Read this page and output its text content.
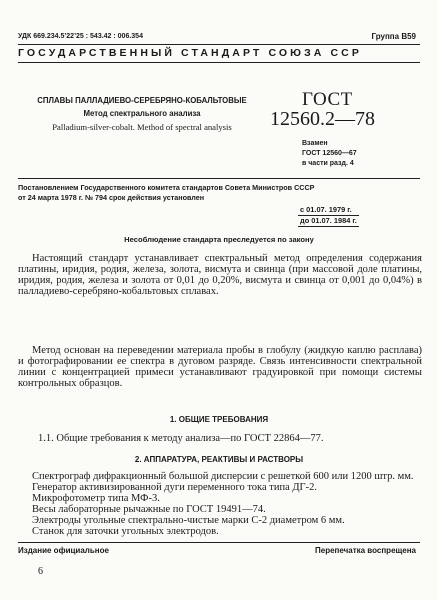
УДК 669.234.5’22’25 : 543.42 : 006.354	Группа В59
ГОСУДАРСТВЕННЫЙ СТАНДАРТ СОЮЗА ССР
СПЛАВЫ ПАЛЛАДИЕВО-СЕРЕБРЯНО-КОБАЛЬТОВЫЕ
Метод спектрального анализа
Palladium-silver-cobalt. Method of spectral analysis
ГОСТ
12560.2—78
Взамен
ГОСТ 12560—67
в части разд. 4
Постановлением Государственного комитета стандартов Совета Министров СССР
от 24 марта 1978 г. № 794 срок действия установлен
с 01.07. 1979 г.
до 01.07. 1984 г.
Несоблюдение стандарта преследуется по закону
Настоящий стандарт устанавливает спектральный метод определения содержания платины, иридия, родия, железа, золота, висмута и свинца (при массовой доле платины, иридия, родия, железа и золота от 0,01 до 0,20%, висмута и свинца от 0,001 до 0,04%) в палладиево-серебряно-кобальтовых сплавах.
Метод основан на переведении материала пробы в глобулу (жидкую каплю расплава) и фотографировании ее спектра в дуговом разряде. Связь интенсивности спектральной линии с концентрацией примеси устанавливают градуировкой при помощи системы контрольных образцов.
1. ОБЩИЕ ТРЕБОВАНИЯ
1.1. Общие требования к методу анализа—по ГОСТ 22864—77.
2. АППАРАТУРА, РЕАКТИВЫ И РАСТВОРЫ
Спектрограф дифракционный большой дисперсии с решеткой 600 или 1200 штр. мм.
Генератор активизированной дуги переменного тока типа ДГ-2.
Микрофотометр типа МФ-3.
Весы лабораторные рычажные по ГОСТ 19491—74.
Электроды угольные спектрально-чистые марки С-2 диаметром 6 мм.
Станок для заточки угольных электродов.
Издание официальное	Перепечатка воспрещена
6
